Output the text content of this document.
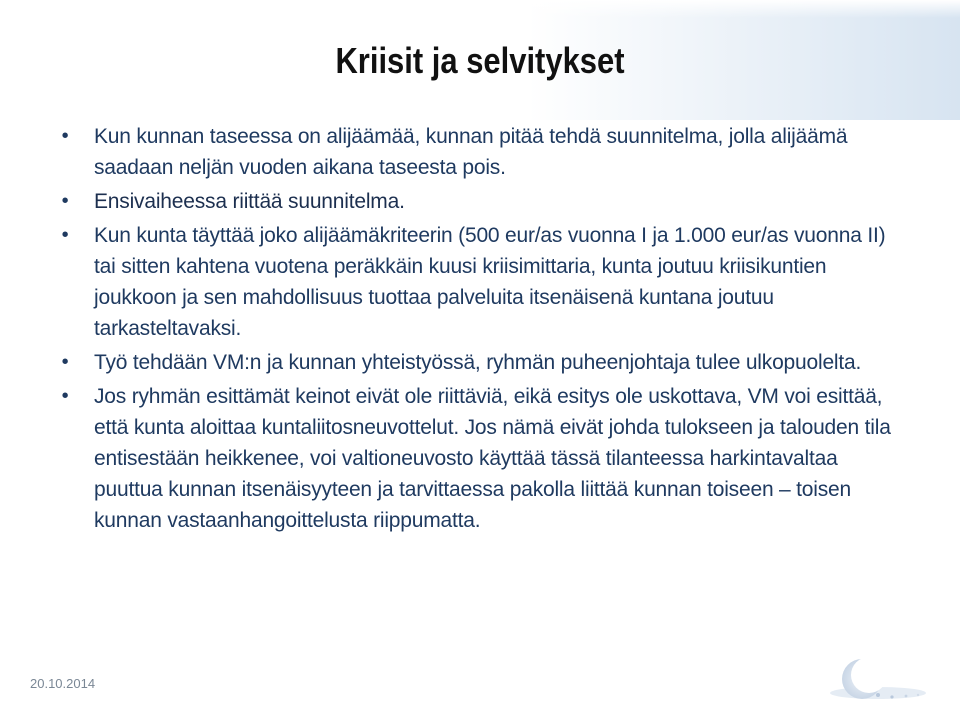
Kriisit ja selvitykset
• Kun kunnan taseessa on alijäämää, kunnan pitää tehdä suunnitelma, jolla alijäämä saadaan neljän vuoden aikana taseesta pois.
• Ensivaiheessa riittää suunnitelma.
• Kun kunta täyttää joko alijäämäkriteerin (500 eur/as vuonna I ja 1.000 eur/as vuonna II) tai sitten kahtena vuotena peräkkäin kuusi kriisimittaria, kunta joutuu kriisikuntien joukkoon ja sen mahdollisuus tuottaa palveluita itsenäisenä kuntana joutuu tarkasteltavaksi.
• Työ tehdään VM:n ja kunnan yhteistyössä, ryhmän puheenjohtaja tulee ulkopuolelta.
• Jos ryhmän esittämät keinot eivät ole riittäviä, eikä esitys ole uskottava, VM voi esittää, että kunta aloittaa kuntaliitosneuvottelut. Jos nämä eivät johda tulokseen ja talouden tila entisestään heikkenee, voi valtioneuvosto käyttää tässä tilanteessa harkintavaltaa puuttua kunnan itsenäisyyteen ja tarvittaessa pakolla liittää kunnan toiseen – toisen kunnan vastaanhangoittelusta riippumatta.
20.10.2014
